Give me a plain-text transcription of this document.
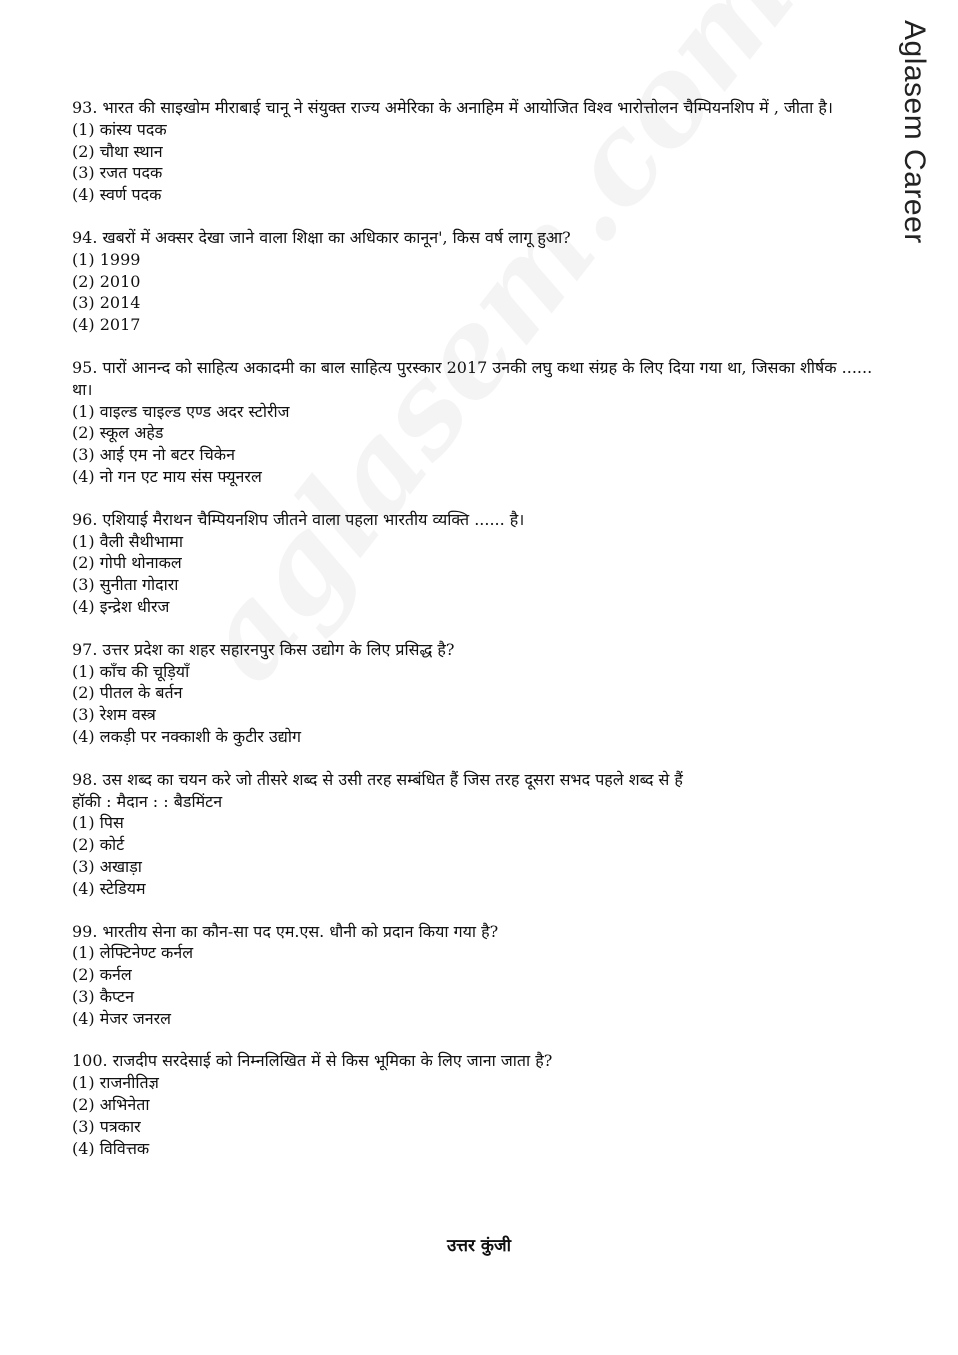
Aglasem Career

93. भारत की साइखोम मीराबाई चानू ने संयुक्त राज्य अमेरिका के अनाहिम में आयोजित विश्व भारोत्तोलन चैम्पियनशिप में , जीता है।

(1) कांस्य पदक

(2) चौथा स्थान

(3) रजत पदक

(4) स्वर्ण पदक

94. खबरों में अक्सर देखा जाने वाला शिक्षा का अधिकार कानून', किस वर्ष लागू हुआ?

(1) 1999

(2) 2010

(3) 2014

(4) 2017

95. पारों आनन्द को साहित्य अकादमी का बाल साहित्य पुरस्कार 2017 उनकी लघु कथा संग्रह के लिए दिया गया था, जिसका शीर्षक ...... था।

(1) वाइल्ड चाइल्ड एण्ड अदर स्टोरीज

(2) स्कूल अहेड

(3) आई एम नो बटर चिकेन

(4) नो गन एट माय संस फ्यूनरल

96. एशियाई मैराथन चैम्पियनशिप जीतने वाला पहला भारतीय व्यक्ति ...... है।

(1) वैली सैथीभामा

(2) गोपी थोनाकल

(3) सुनीता गोदारा

(4) इन्द्रेश धीरज

97. उत्तर प्रदेश का शहर सहारनपुर किस उद्योग के लिए प्रसिद्ध है?

(1) काँच की चूड़ियाँ

(2) पीतल के बर्तन

(3) रेशम वस्त्र

(4) लकड़ी पर नक्काशी के कुटीर उद्योग

98. उस शब्द का चयन करे जो तीसरे शब्द से उसी तरह सम्बंधित हैं जिस तरह दूसरा सभद पहले शब्द से हैं

हॉकी : मैदान : : बैडमिंटन

(1) पिस

(2) कोर्ट

(3) अखाड़ा

(4) स्टेडियम

99. भारतीय सेना का कौन-सा पद एम.एस. धौनी को प्रदान किया गया है?

(1) लेफ्टिनेण्ट कर्नल

(2) कर्नल

(3) कैप्टन

(4) मेजर जनरल

100. राजदीप सरदेसाई को निम्नलिखित में से किस भूमिका के लिए जाना जाता है?

(1) राजनीतिज्ञ

(2) अभिनेता

(3) पत्रकार

(4) विवित्तक

उत्तर कुंजी
